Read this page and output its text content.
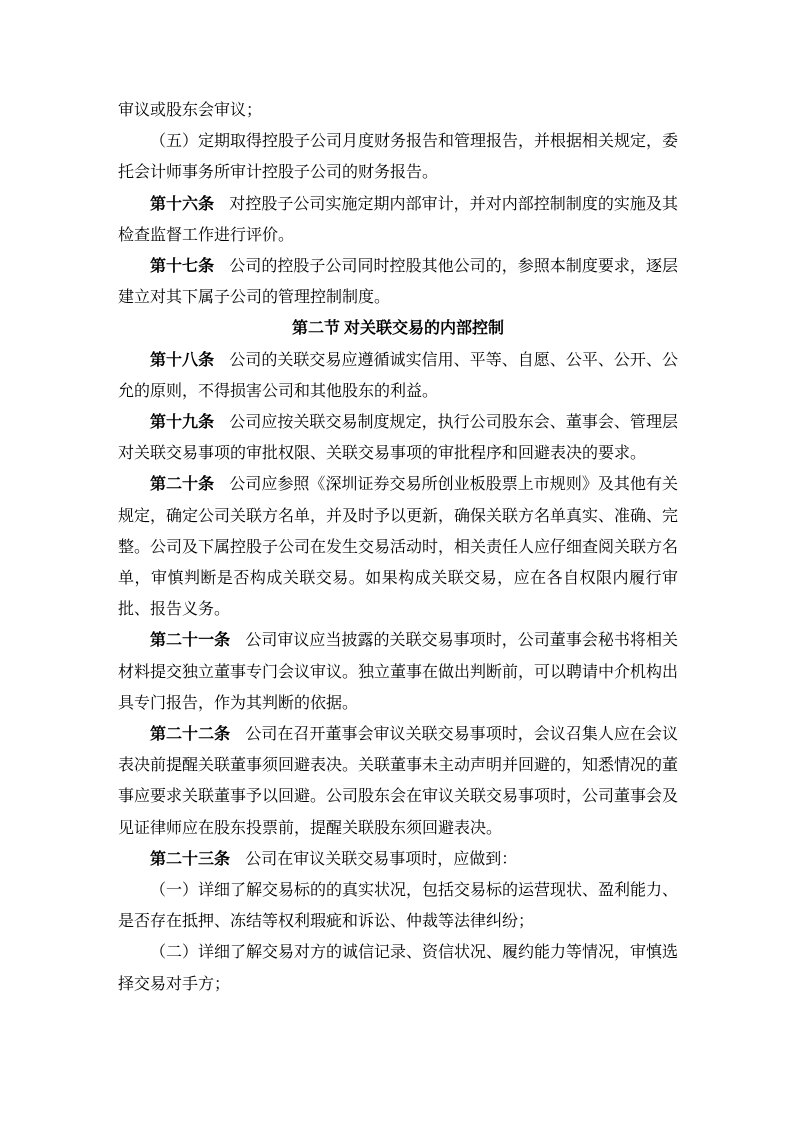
审议或股东会审议；

（五）定期取得控股子公司月度财务报告和管理报告，并根据相关规定，委托会计师事务所审计控股子公司的财务报告。

第十六条 对控股子公司实施定期内部审计，并对内部控制制度的实施及其检查监督工作进行评价。

第十七条 公司的控股子公司同时控股其他公司的，参照本制度要求，逐层建立对其下属子公司的管理控制制度。

第二节 对关联交易的内部控制

第十八条 公司的关联交易应遵循诚实信用、平等、自愿、公平、公开、公允的原则，不得损害公司和其他股东的利益。

第十九条 公司应按关联交易制度规定，执行公司股东会、董事会、管理层对关联交易事项的审批权限、关联交易事项的审批程序和回避表决的要求。

第二十条 公司应参照《深圳证券交易所创业板股票上市规则》及其他有关规定，确定公司关联方名单，并及时予以更新，确保关联方名单真实、准确、完整。公司及下属控股子公司在发生交易活动时，相关责任人应仔细查阅关联方名单，审慎判断是否构成关联交易。如果构成关联交易，应在各自权限内履行审批、报告义务。

第二十一条 公司审议应当披露的关联交易事项时，公司董事会秘书将相关材料提交独立董事专门会议审议。独立董事在做出判断前，可以聘请中介机构出具专门报告，作为其判断的依据。

第二十二条 公司在召开董事会审议关联交易事项时，会议召集人应在会议表决前提醒关联董事须回避表决。关联董事未主动声明并回避的，知悉情况的董事应要求关联董事予以回避。公司股东会在审议关联交易事项时，公司董事会及见证律师应在股东投票前，提醒关联股东须回避表决。

第二十三条 公司在审议关联交易事项时，应做到：

（一）详细了解交易标的的真实状况，包括交易标的运营现状、盈利能力、是否存在抵押、冻结等权利瑕疵和诉讼、仲裁等法律纠纷；

（二）详细了解交易对方的诚信记录、资信状况、履约能力等情况，审慎选择交易对手方；
